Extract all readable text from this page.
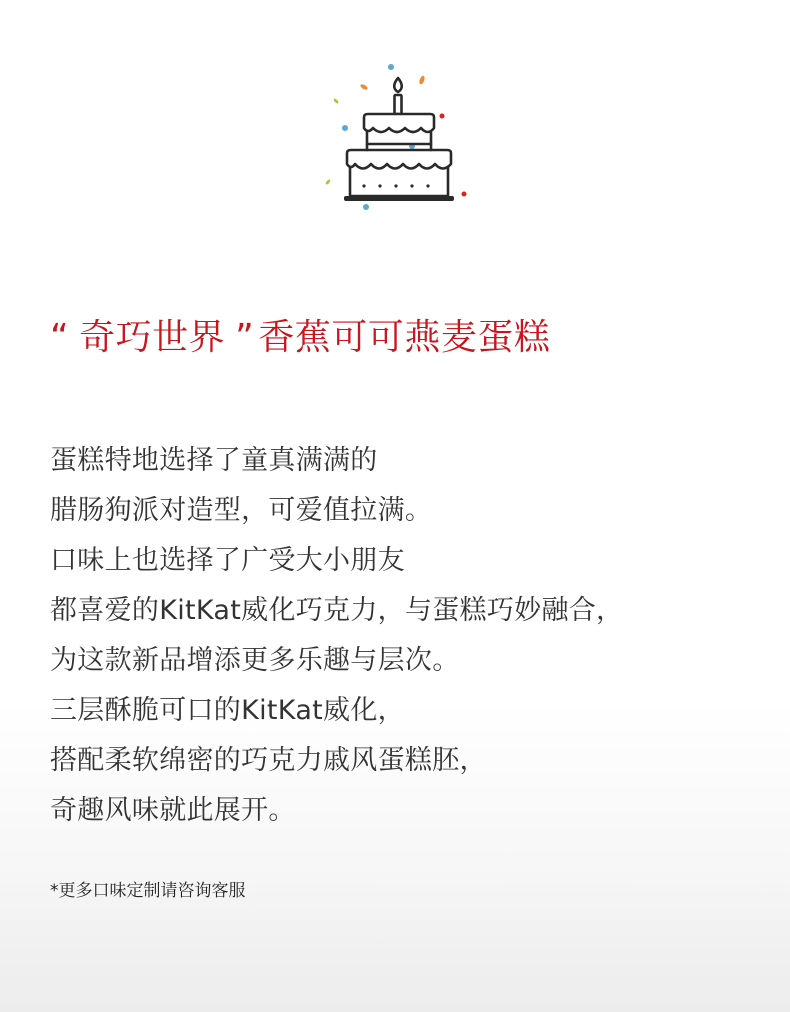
“ 奇巧世界 ” 香蕉可可燕麦蛋糕
蛋糕特地选择了童真满满的
腊肠狗派对造型，可爱值拉满。
口味上也选择了广受大小朋友
都喜爱的KitKat威化巧克力，与蛋糕巧妙融合，
为这款新品增添更多乐趣与层次。
三层酥脆可口的KitKat威化，
搭配柔软绵密的巧克力戚风蛋糕胚，
奇趣风味就此展开。

*更多口味定制请咨询客服
